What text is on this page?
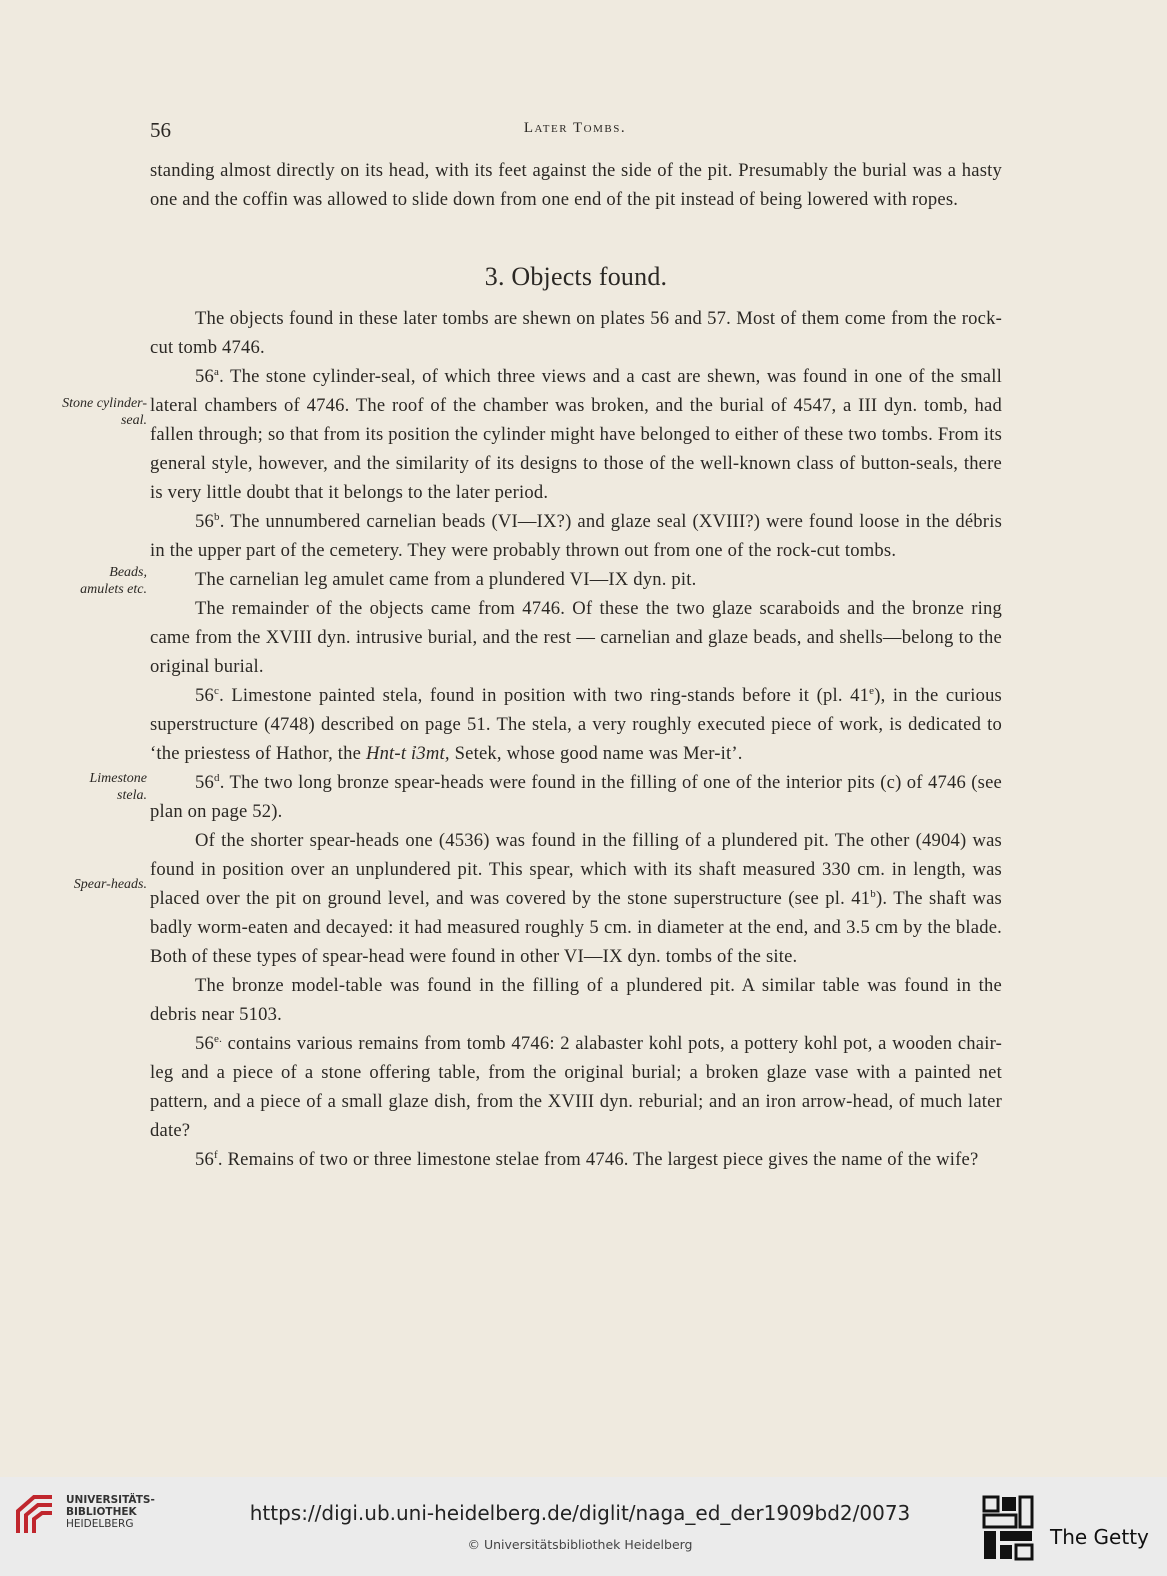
56	Later Tombs.
Stone cylinder-
seal.
Beads,
amulets etc.
Limestone
stela.
Spear-heads.

standing almost directly on its head, with its feet against the side of the pit. Presumably the burial was a hasty one and the coffin was allowed to slide down from one end of the pit instead of being lowered with ropes.

3. Objects found.

The objects found in these later tombs are shewn on plates 56 and 57. Most of them come from the rock-cut tomb 4746.

56$^a$. The stone cylinder-seal, of which three views and a cast are shewn, was found in one of the small lateral chambers of 4746. The roof of the chamber was broken, and the burial of 4547, a III dyn. tomb, had fallen through; so that from its position the cylinder might have belonged to either of these two tombs. From its general style, however, and the similarity of its designs to those of the well-known class of button-seals, there is very little doubt that it belongs to the later period.

56$^b$. The unnumbered carnelian beads (VI—IX?) and glaze seal (XVIII?) were found loose in the débris in the upper part of the cemetery. They were probably thrown out from one of the rock-cut tombs.

The carnelian leg amulet came from a plundered VI—IX dyn. pit.

The remainder of the objects came from 4746. Of these the two glaze scaraboids and the bronze ring came from the XVIII dyn. intrusive burial, and the rest — carnelian and glaze beads, and shells—belong to the original burial.

56$^c$. Limestone painted stela, found in position with two ring-stands before it (pl. 41e), in the curious superstructure (4748) described on page 51. The stela, a very roughly executed piece of work, is dedicated to ‘the priestess of Hathor, the Hnt-t ỉ3mt, Setek, whose good name was Mer-it’.

56$^d$. The two long bronze spear-heads were found in the filling of one of the interior pits (c) of 4746 (see plan on page 52).

Of the shorter spear-heads one (4536) was found in the filling of a plundered pit. The other (4904) was found in position over an unplundered pit. This spear, which with its shaft measured 330 cm. in length, was placed over the pit on ground level, and was covered by the stone superstructure (see pl. 41$^b$). The shaft was badly worm-eaten and decayed: it had measured roughly 5 cm. in diameter at the end, and 3.5 cm by the blade. Both of these types of spear-head were found in other VI—IX dyn. tombs of the site.

The bronze model-table was found in the filling of a plundered pit. A similar table was found in the debris near 5103.

$56^{e.}$ contains various remains from tomb 4746: 2 alabaster kohl pots, a pottery kohl pot, a wooden chair-leg and a piece of a stone offering table, from the original burial; a broken glaze vase with a painted net pattern, and a piece of a small glaze dish, from the XVIII dyn. reburial; and an iron arrow-head, of much later date?

56$^f$. Remains of two or three limestone stelae from 4746. The largest piece gives the name of the wife?

UNIVERSITÄTS-
BIBLIOTHEK
HEIDELBERG	https://digi.ub.uni-heidelberg.de/diglit/naga_ed_der1909bd2/0073
© Universitätsbibliothek Heidelberg	The Getty
